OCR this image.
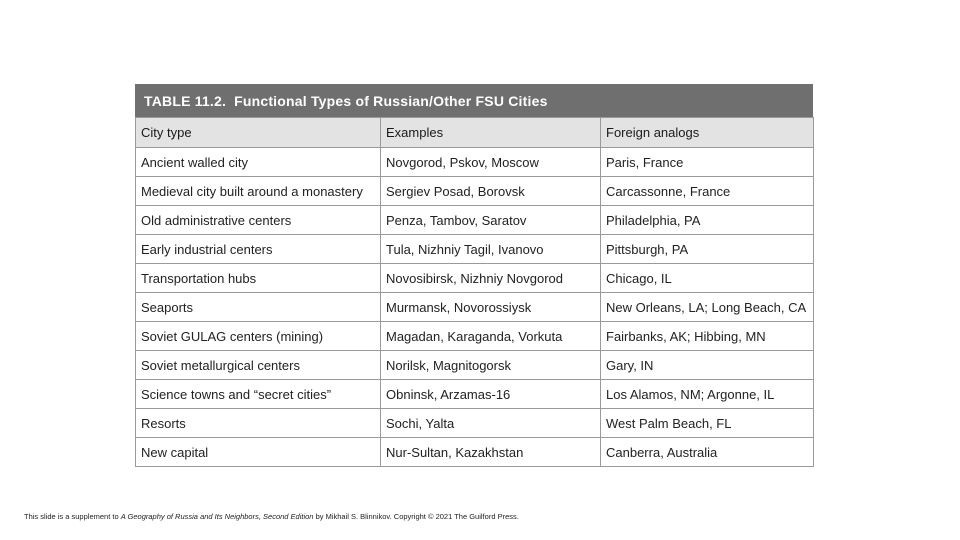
TABLE 11.2. Functional Types of Russian/Other FSU Cities
City type	Examples	Foreign analogs
Ancient walled city	Novgorod, Pskov, Moscow	Paris, France
Medieval city built around a monastery	Sergiev Posad, Borovsk	Carcassonne, France
Old administrative centers	Penza, Tambov, Saratov	Philadelphia, PA
Early industrial centers	Tula, Nizhniy Tagil, Ivanovo	Pittsburgh, PA
Transportation hubs	Novosibirsk, Nizhniy Novgorod	Chicago, IL
Seaports	Murmansk, Novorossiysk	New Orleans, LA; Long Beach, CA
Soviet GULAG centers (mining)	Magadan, Karaganda, Vorkuta	Fairbanks, AK; Hibbing, MN
Soviet metallurgical centers	Norilsk, Magnitogorsk	Gary, IN
Science towns and “secret cities”	Obninsk, Arzamas-16	Los Alamos, NM; Argonne, IL
Resorts	Sochi, Yalta	West Palm Beach, FL
New capital	Nur-Sultan, Kazakhstan	Canberra, Australia
This slide is a supplement to A Geography of Russia and Its Neighbors, Second Edition by Mikhail S. Blinnikov. Copyright © 2021 The Guilford Press.
